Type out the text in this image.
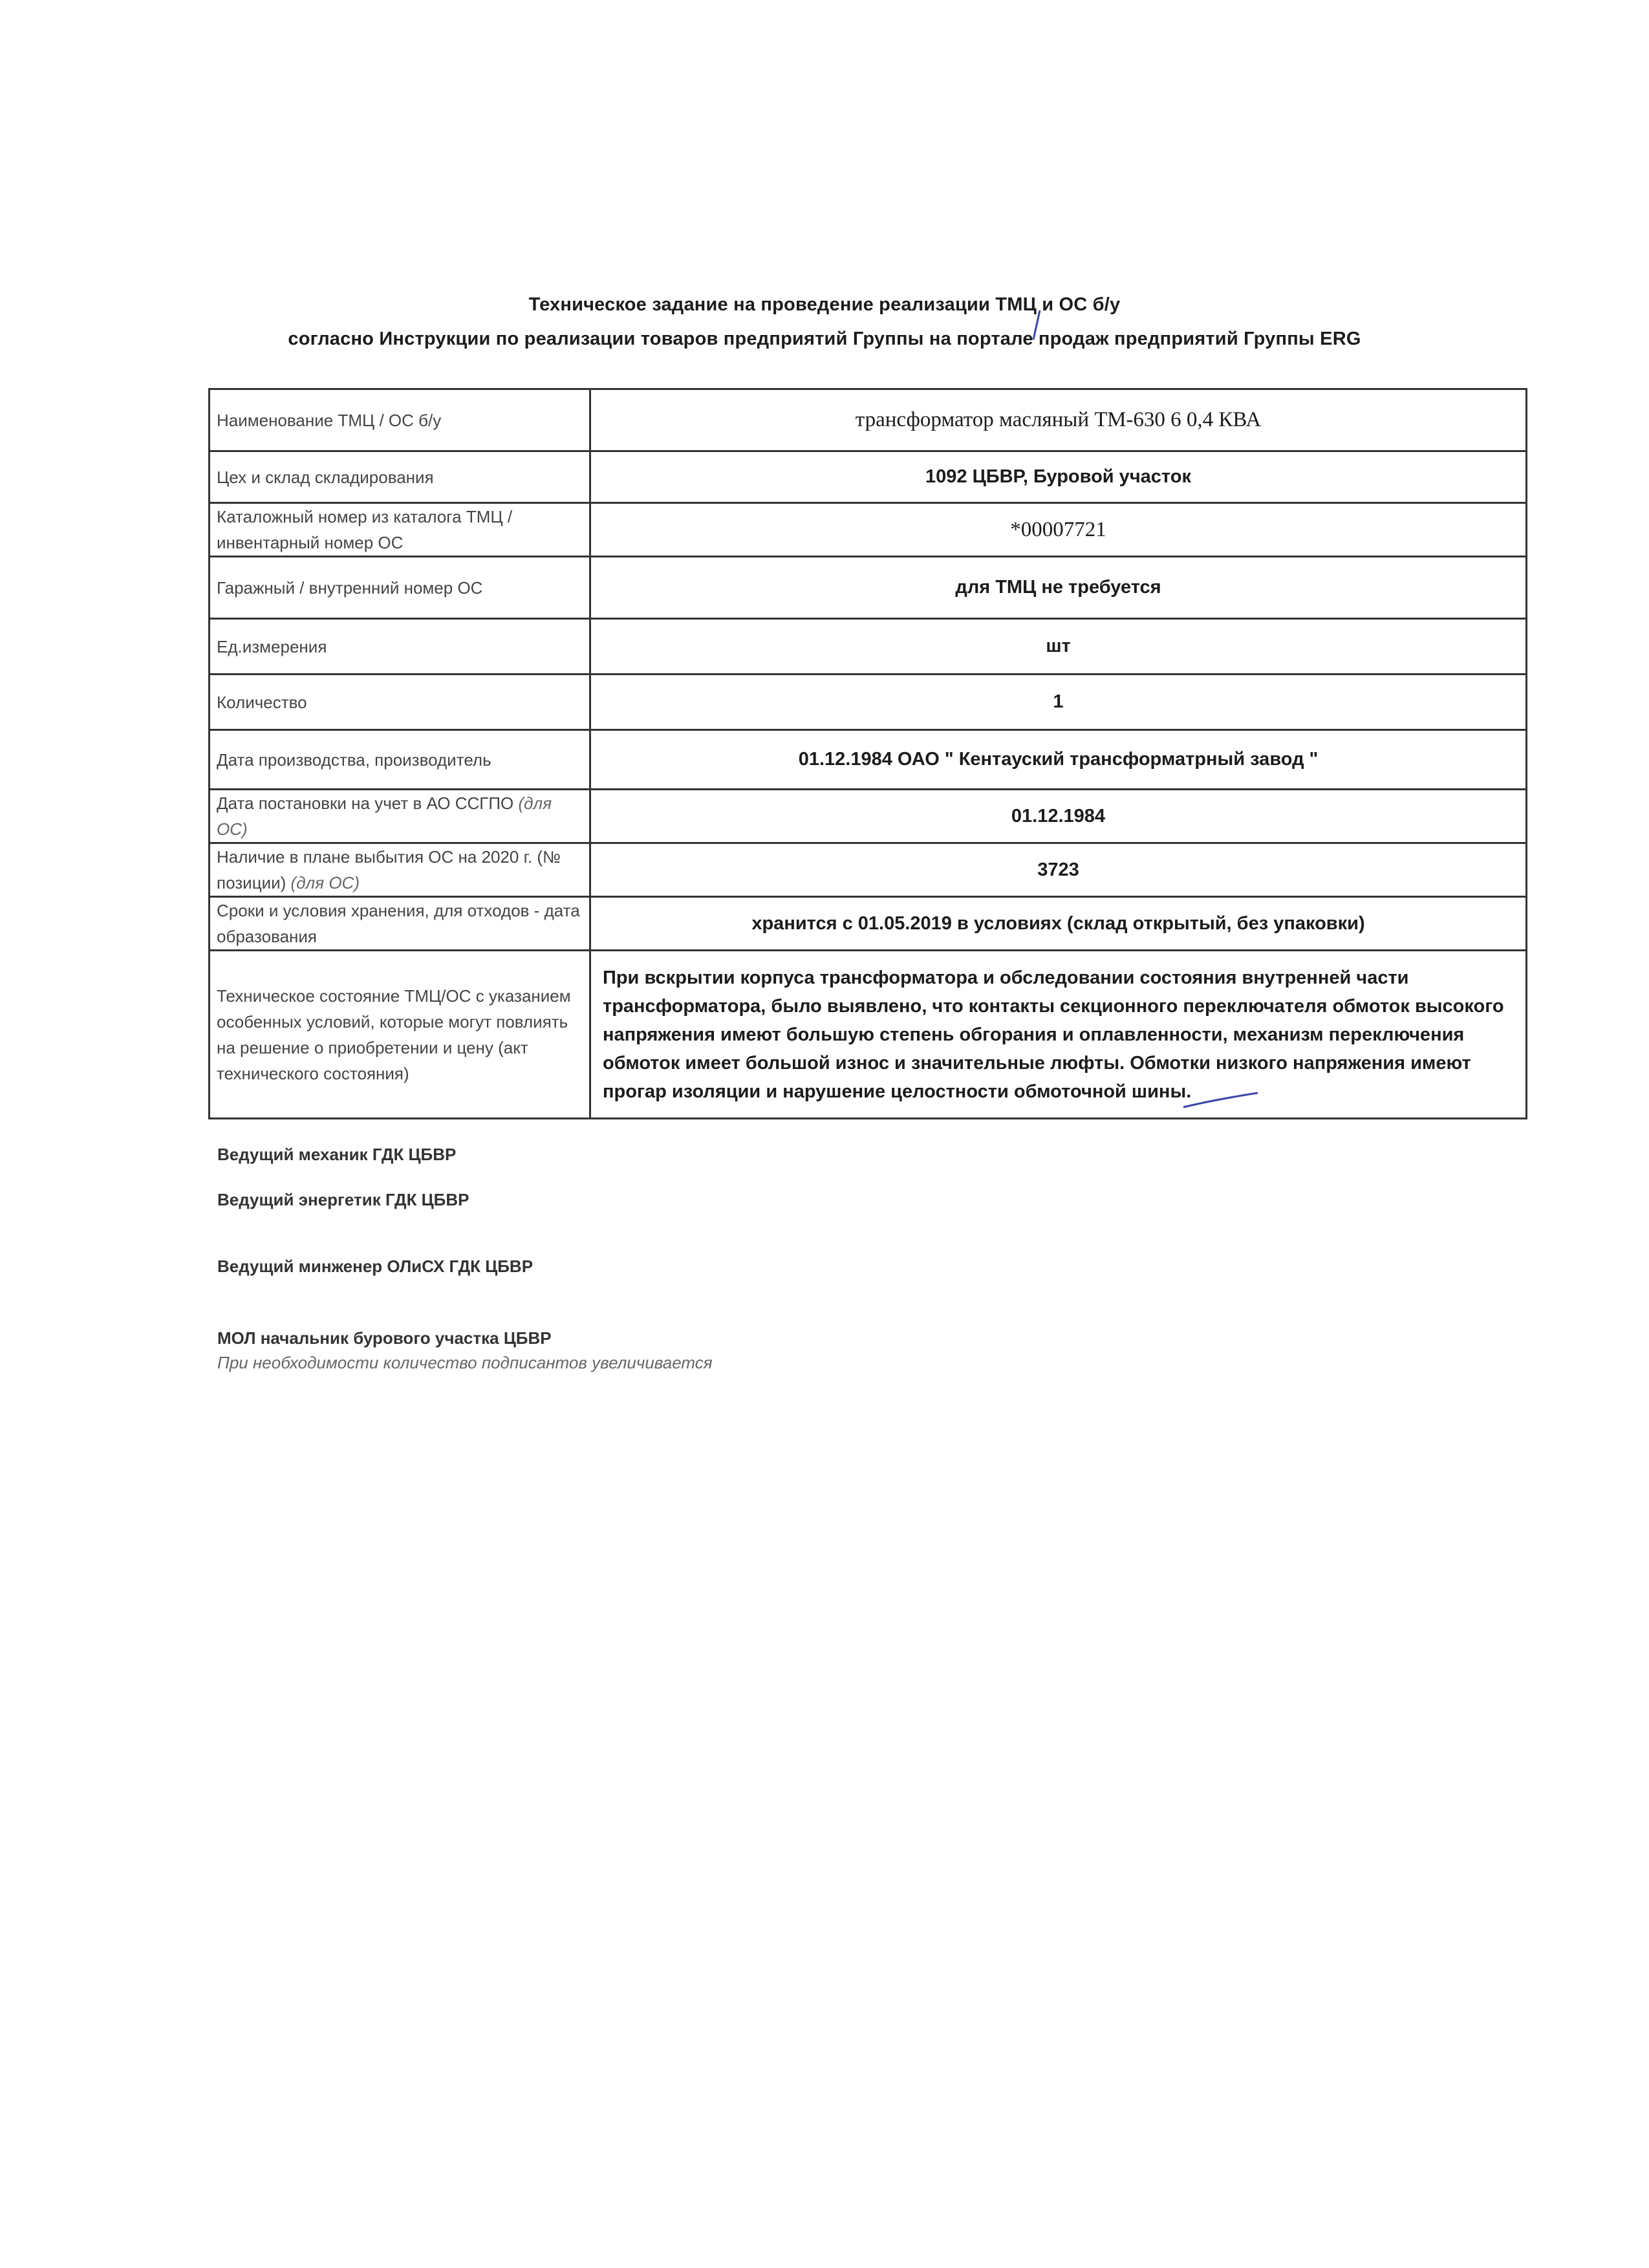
Техническое задание на проведение реализации ТМЦ и ОС б/у
согласно Инструкции по реализации товаров предприятий Группы на портале продаж предприятий Группы ERG
Наименование ТМЦ / ОС б/у	трансформатор масляный ТМ-630 6 0,4 КВА
Цех и склад складирования	1092 ЦБВР, Буровой участок
Каталожный номер из каталога ТМЦ / инвентарный номер ОС	*00007721
Гаражный / внутренний номер ОС	для ТМЦ не требуется
Ед.измерения	шт
Количество	1
Дата производства, производитель	01.12.1984 ОАО " Кентауский трансформатрный завод "
Дата постановки на учет в АО ССГПО (для ОС)	01.12.1984
Наличие в плане выбытия ОС на 2020 г. (№ позиции) (для ОС)	3723
Сроки и условия хранения, для отходов - дата образования	хранится с 01.05.2019 в условиях (склад открытый, без упаковки)
Техническое состояние ТМЦ/ОС с указанием особенных условий, которые могут повлиять на решение о приобретении и цену (акт технического состояния)	При вскрытии корпуса трансформатора и обследовании состояния внутренней части трансформатора, было выявлено, что контакты секционного переключателя обмоток высокого напряжения имеют большую степень обгорания и оплавленности, механизм переключения обмоток имеет большой износ и значительные люфты. Обмотки низкого напряжения имеют прогар изоляции и нарушение целостности обмоточной шины.
Ведущий механик ГДК ЦБВР
Ведущий энергетик ГДК ЦБВР
Ведущий минженер ОЛиСХ ГДК ЦБВР
МОЛ начальник бурового участка ЦБВР
При необходимости количество подписантов увеличивается
